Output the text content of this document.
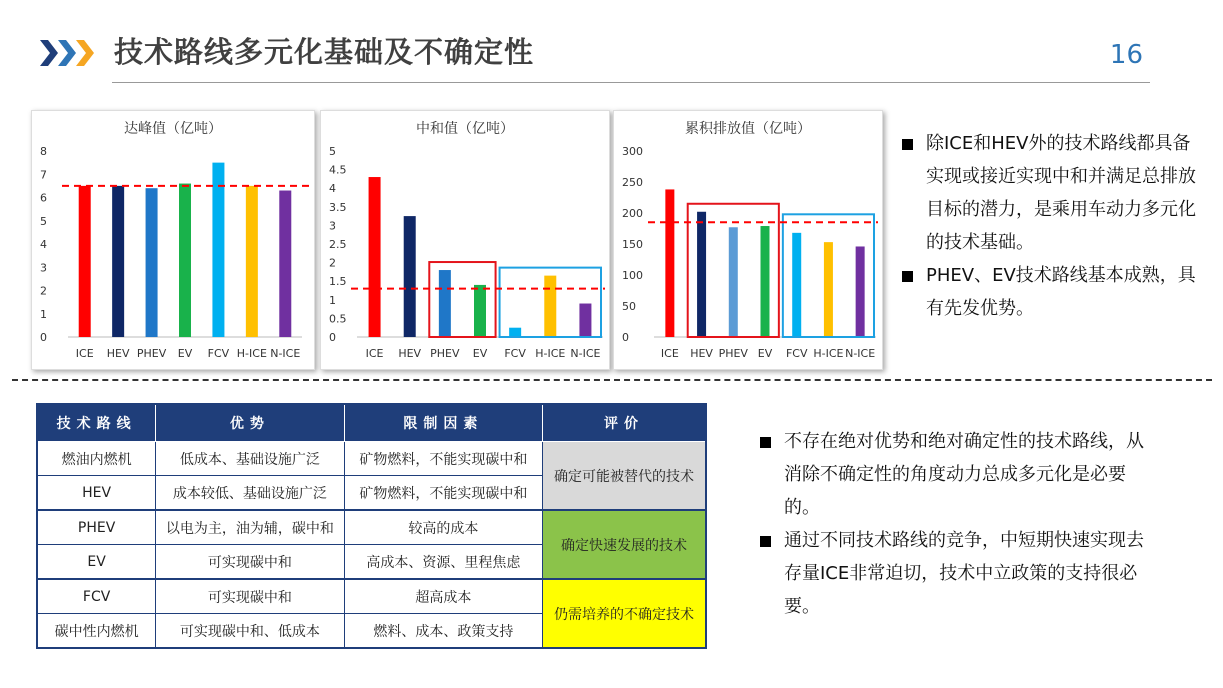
技术路线多元化基础及不确定性	16
达峰值（亿吨）
0
1
2
3
4
5
6
7
8
ICE HEV PHEV EV FCV H-ICE N-ICE
中和值（亿吨）
0
0.5
1
1.5
2
2.5
3
3.5
4
4.5
5
ICE HEV PHEV EV FCV H-ICE N-ICE
累积排放值（亿吨）
0
50
100
150
200
250
300
ICE HEV PHEV EV FCV H-ICE N-ICE
除ICE和HEV外的技术路线都具备实现或接近实现中和并满足总排放目标的潜力，是乘用车动力多元化的技术基础。
PHEV、EV技术路线基本成熟，具有先发优势。
技术路线	优势	限制因素	评价
燃油内燃机	低成本、基础设施广泛	矿物燃料，不能实现碳中和	确定可能被替代的技术
HEV	成本较低、基础设施广泛	矿物燃料，不能实现碳中和	
PHEV	以电为主，油为辅，碳中和	较高的成本	确定快速发展的技术
EV	可实现碳中和	高成本、资源、里程焦虑	
FCV	可实现碳中和	超高成本	仍需培养的不确定技术
碳中性内燃机	可实现碳中和、低成本	燃料、成本、政策支持	
不存在绝对优势和绝对确定性的技术路线，从消除不确定性的角度动力总成多元化是必要的。
通过不同技术路线的竞争，中短期快速实现去存量ICE非常迫切，技术中立政策的支持很必要。
